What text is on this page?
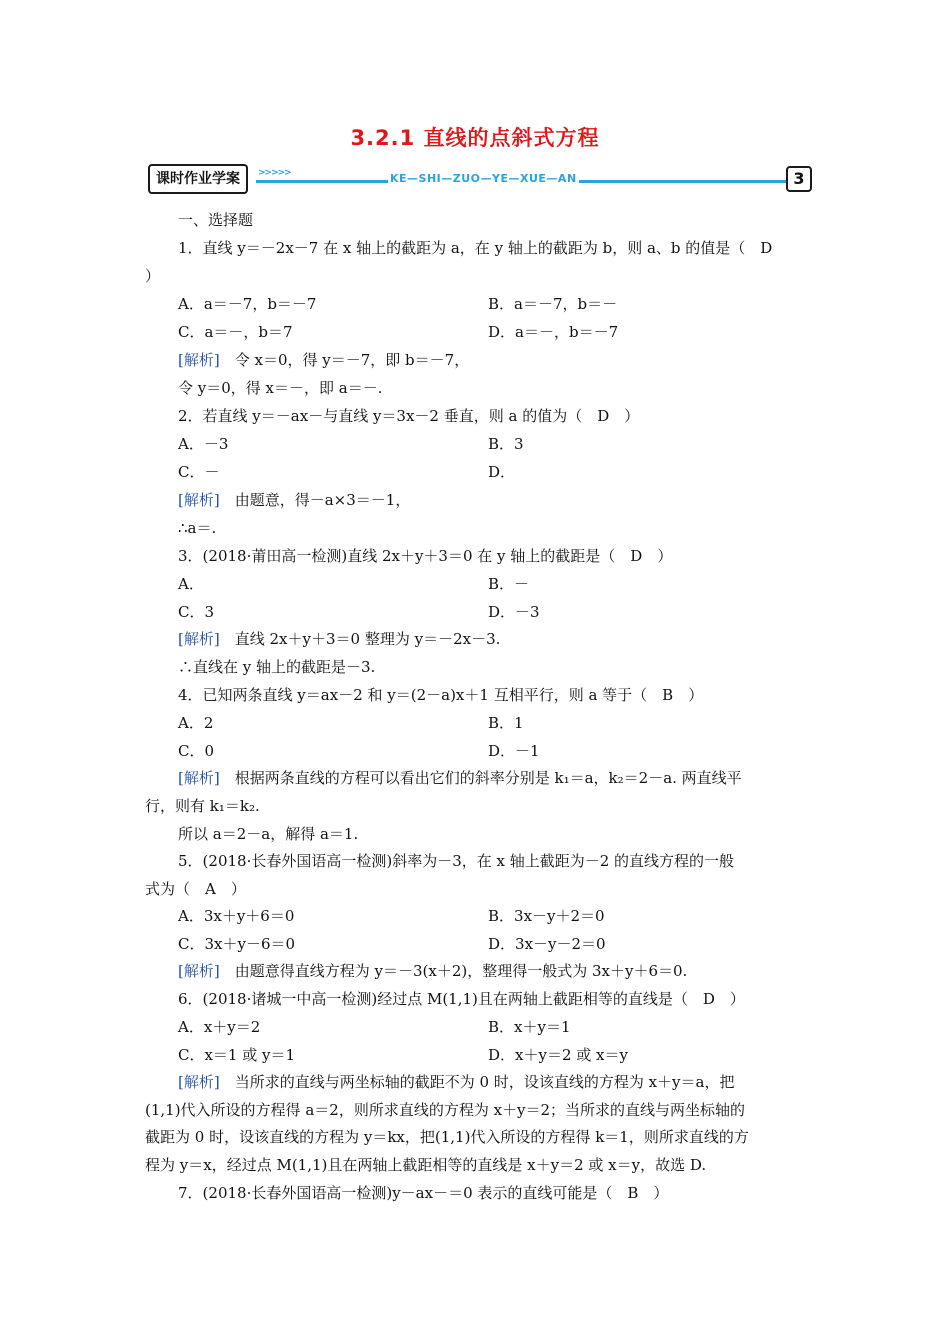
3.2.1 直线的点斜式方程
课时作业学案	>>>>>	KE—SHI—ZUO—YE—XUE—AN	3
一、选择题
1．直线 y＝－2x－7 在 x 轴上的截距为 a，在 y 轴上的截距为 b，则 a、b 的值是（　D
）
A．a＝－7，b＝－7	B．a＝－7，b＝－
C．a＝－，b＝7	D．a＝－，b＝－7
[解析]　 令 x＝0，得 y＝－7，即 b＝－7，
令 y＝0，得 x＝－，即 a＝－.
2．若直线 y＝－ax－与直线 y＝3x－2 垂直，则 a 的值为（　D　）
A．－3	B．3
C．－	D．
[解析]　 由题意，得－a×3＝－1，
∴a＝.
3．(2018·莆田高一检测)直线 2x＋y＋3＝0 在 y 轴上的截距是（　D　）
A．	B．－
C．3	D．－3
[解析]　 直线 2x＋y＋3＝0 整理为 y＝－2x－3.
∴直线在 y 轴上的截距是－3.
4．已知两条直线 y＝ax－2 和 y＝(2－a)x＋1 互相平行，则 a 等于（　B　）
A．2	B．1
C．0	D．－1
[解析]　 根据两条直线的方程可以看出它们的斜率分别是 k₁＝a，k₂＝2－a. 两直线平
行，则有 k₁＝k₂.
所以 a＝2－a，解得 a＝1.
5．(2018·长春外国语高一检测)斜率为－3，在 x 轴上截距为－2 的直线方程的一般
式为（　A　）
A．3x＋y＋6＝0	B．3x－y＋2＝0
C．3x＋y－6＝0	D．3x－y－2＝0
[解析]　 由题意得直线方程为 y＝－3(x＋2)，整理得一般式为 3x＋y＋6＝0.
6．(2018·诸城一中高一检测)经过点 M(1,1)且在两轴上截距相等的直线是（　D　）
A．x＋y＝2	B．x＋y＝1
C．x＝1 或 y＝1	D．x＋y＝2 或 x＝y
[解析]　 当所求的直线与两坐标轴的截距不为 0 时，设该直线的方程为 x＋y＝a，把
(1,1)代入所设的方程得 a＝2，则所求直线的方程为 x＋y＝2；当所求的直线与两坐标轴的
截距为 0 时，设该直线的方程为 y＝kx，把(1,1)代入所设的方程得 k＝1，则所求直线的方
程为 y＝x，经过点 M(1,1)且在两轴上截距相等的直线是 x＋y＝2 或 x＝y，故选 D.
7．(2018·长春外国语高一检测)y－ax－＝0 表示的直线可能是（　B　）
